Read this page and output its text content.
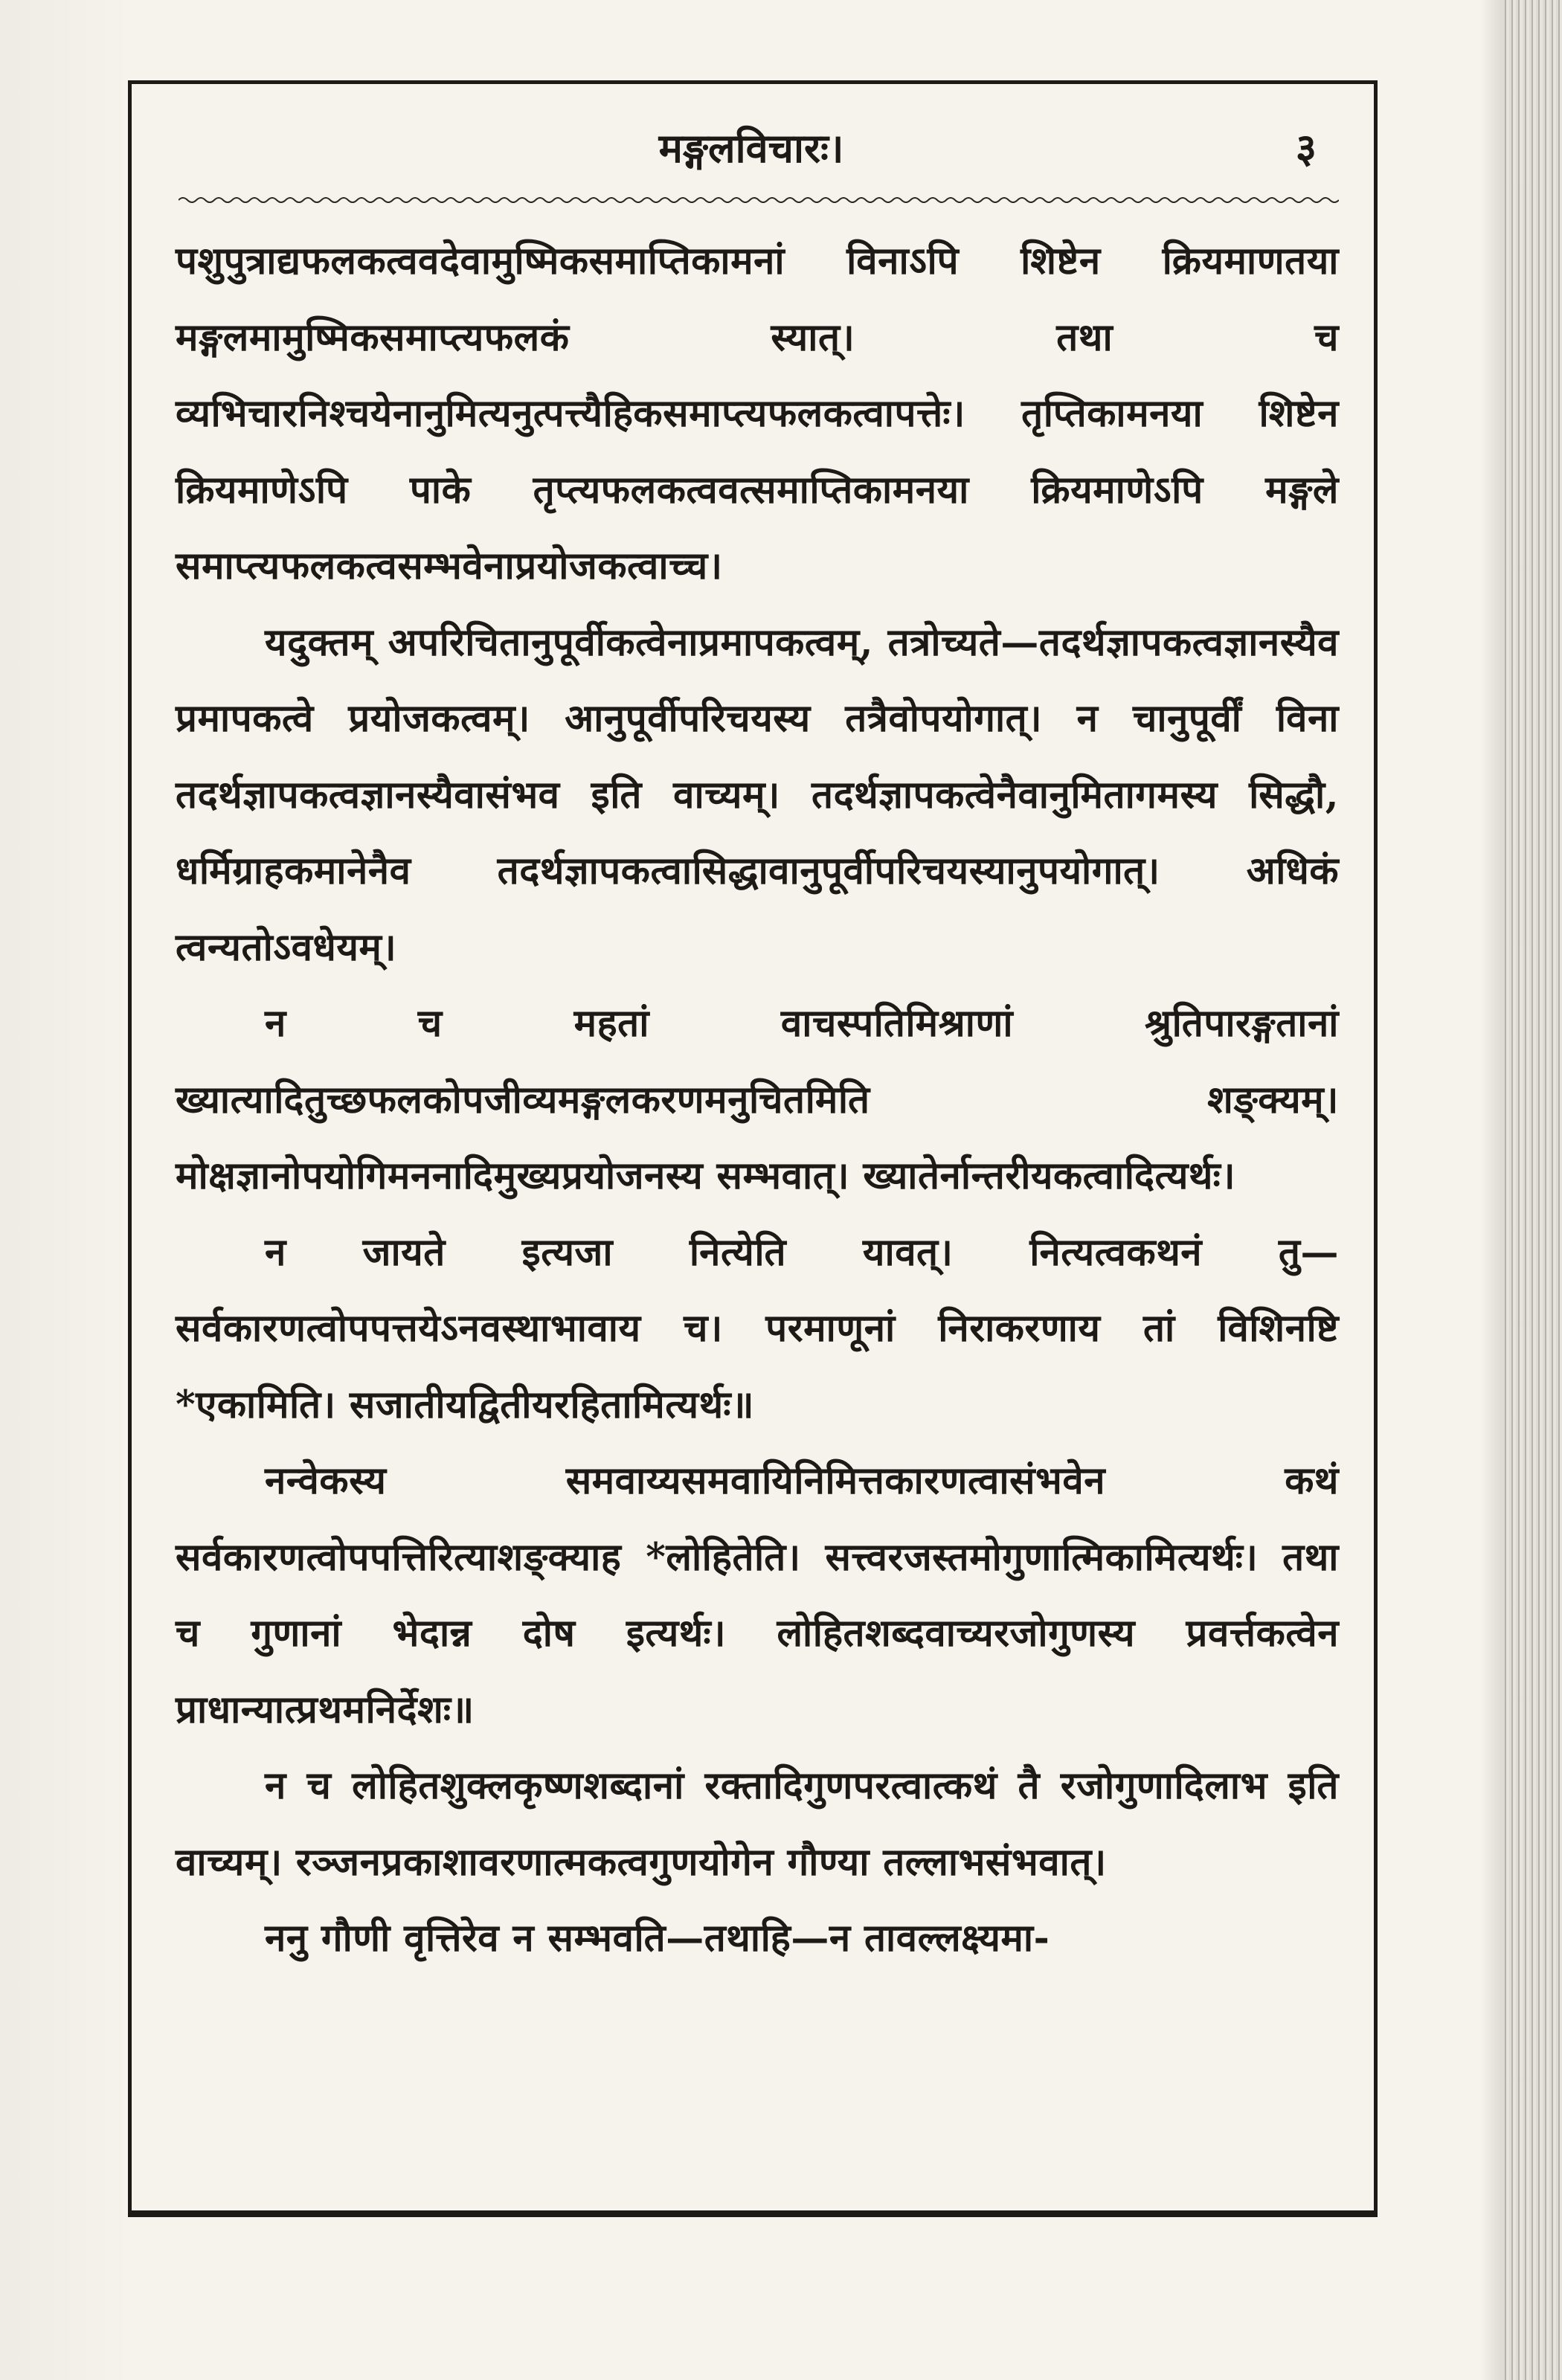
मङ्गलविचारः।	३

पशुपुत्राद्यफलकत्ववदेवामुष्मिकसमाप्तिकामनां विनाऽपि शिष्टेन क्रियमाणतया मङ्गलमामुष्मिकसमाप्त्यफलकं स्यात्। तथा च व्यभिचारनिश्चयेनानुमित्यनुत्पत्त्यैहिकसमाप्त्यफलकत्वापत्तेः। तृप्तिकामनया शिष्टेन क्रियमाणेऽपि पाके तृप्त्यफलकत्ववत्समाप्तिकामनया क्रियमाणेऽपि मङ्गले समाप्त्यफलकत्वसम्भवेनाप्रयोजकत्वाच्च।

यदुक्तम् अपरिचितानुपूर्वीकत्वेनाप्रमापकत्वम्, तत्रोच्यते—तदर्थज्ञापकत्वज्ञानस्यैव प्रमापकत्वे प्रयोजकत्वम्। आनुपूर्वीपरिचयस्य तत्रैवोपयोगात्। न चानुपूर्वीं विना तदर्थज्ञापकत्वज्ञानस्यैवासंभव इति वाच्यम्। तदर्थज्ञापकत्वेनैवानुमितागमस्य सिद्धौ, धर्मिग्राहकमानेनैव तदर्थज्ञापकत्वासिद्धावानुपूर्वीपरिचयस्यानुपयोगात्। अधिकं त्वन्यतोऽवधेयम्।

न च महतां वाचस्पतिमिश्राणां श्रुतिपारङ्गतानां ख्यात्यादितुच्छफलकोपजीव्यमङ्गलकरणमनुचितमिति शङ्क्यम्। मोक्षज्ञानोपयोगिमननादिमुख्यप्रयोजनस्य सम्भवात्। ख्यातेर्नान्तरीयकत्वादित्यर्थः।

न जायते इत्यजा नित्येति यावत्। नित्यत्वकथनं तु—सर्वकारणत्वोपपत्तयेऽनवस्थाभावाय च। परमाणूनां निराकरणाय तां विशिनष्टि *एकामिति। सजातीयद्वितीयरहितामित्यर्थः॥

नन्वेकस्य समवाय्यसमवायिनिमित्तकारणत्वासंभवेन कथं सर्वकारणत्वोपपत्तिरित्याशङ्क्याह *लोहितेति। सत्त्वरजस्तमोगुणात्मिकामित्यर्थः। तथा च गुणानां भेदान्न दोष इत्यर्थः। लोहितशब्दवाच्यरजोगुणस्य प्रवर्त्तकत्वेन प्राधान्यात्प्रथमनिर्देशः॥

न च लोहितशुक्लकृष्णशब्दानां रक्तादिगुणपरत्वात्कथं तै रजोगुणादिलाभ इति वाच्यम्। रञ्जनप्रकाशावरणात्मकत्वगुणयोगेन गौण्या तल्लाभसंभवात्।

ननु गौणी वृत्तिरेव न सम्भवति—तथाहि—न तावल्लक्ष्यमा-
